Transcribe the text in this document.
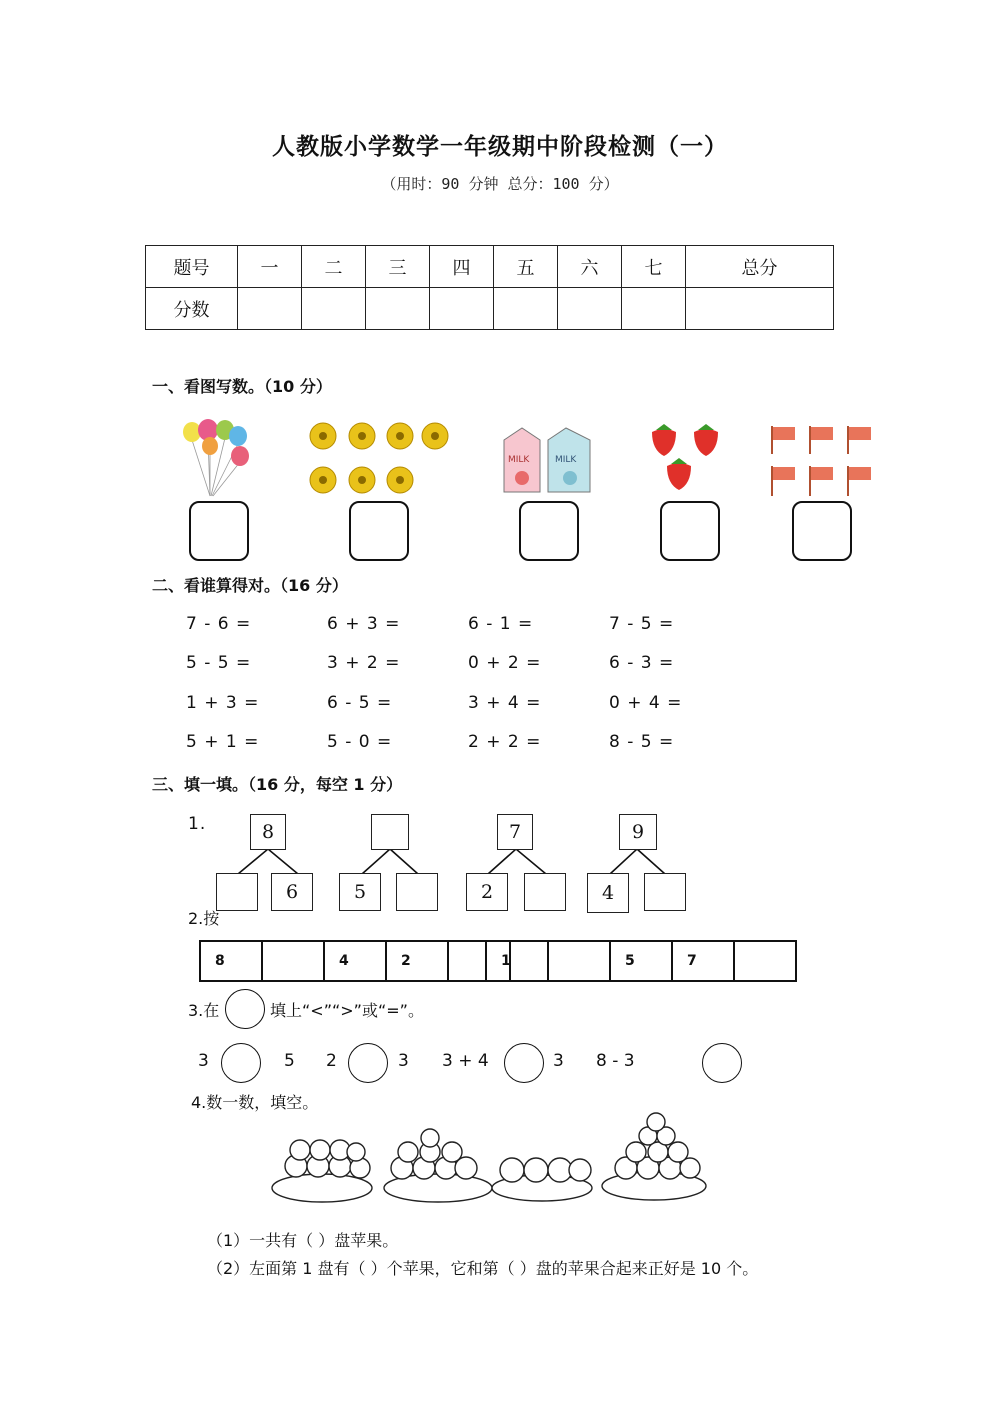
人教版小学数学一年级期中阶段检测（一）
（用时：90 分钟 总分：100 分）
题号	一	二	三	四	五	六	七	总分
分数								
一、看图写数。（10 分）
MILK	MILK
二、看谁算得对。（16 分）
7 - 6 =	6 + 3 =	6 - 1 =	7 - 5 =
5 - 5 =	3 + 2 =	0 + 2 =	6 - 3 =
1 + 3 =	6 - 5 =	3 + 4 =	0 + 4 =
5 + 1 =	5 - 0 =	2 + 2 =	8 - 5 =
三、填一填。（16 分，每空 1 分）
1.	8
6	5
7
2
9
4
2.按
8		4	2		1		5	7	
3.在	填上“<”“>”或“=”。
3	5 2	3 3 + 4	3 8 - 3
4.数一数，填空。
（1）一共有（ ）盘苹果。
（2）左面第 1 盘有（ ）个苹果，它和第（ ）盘的苹果合起来正好是 10 个。
